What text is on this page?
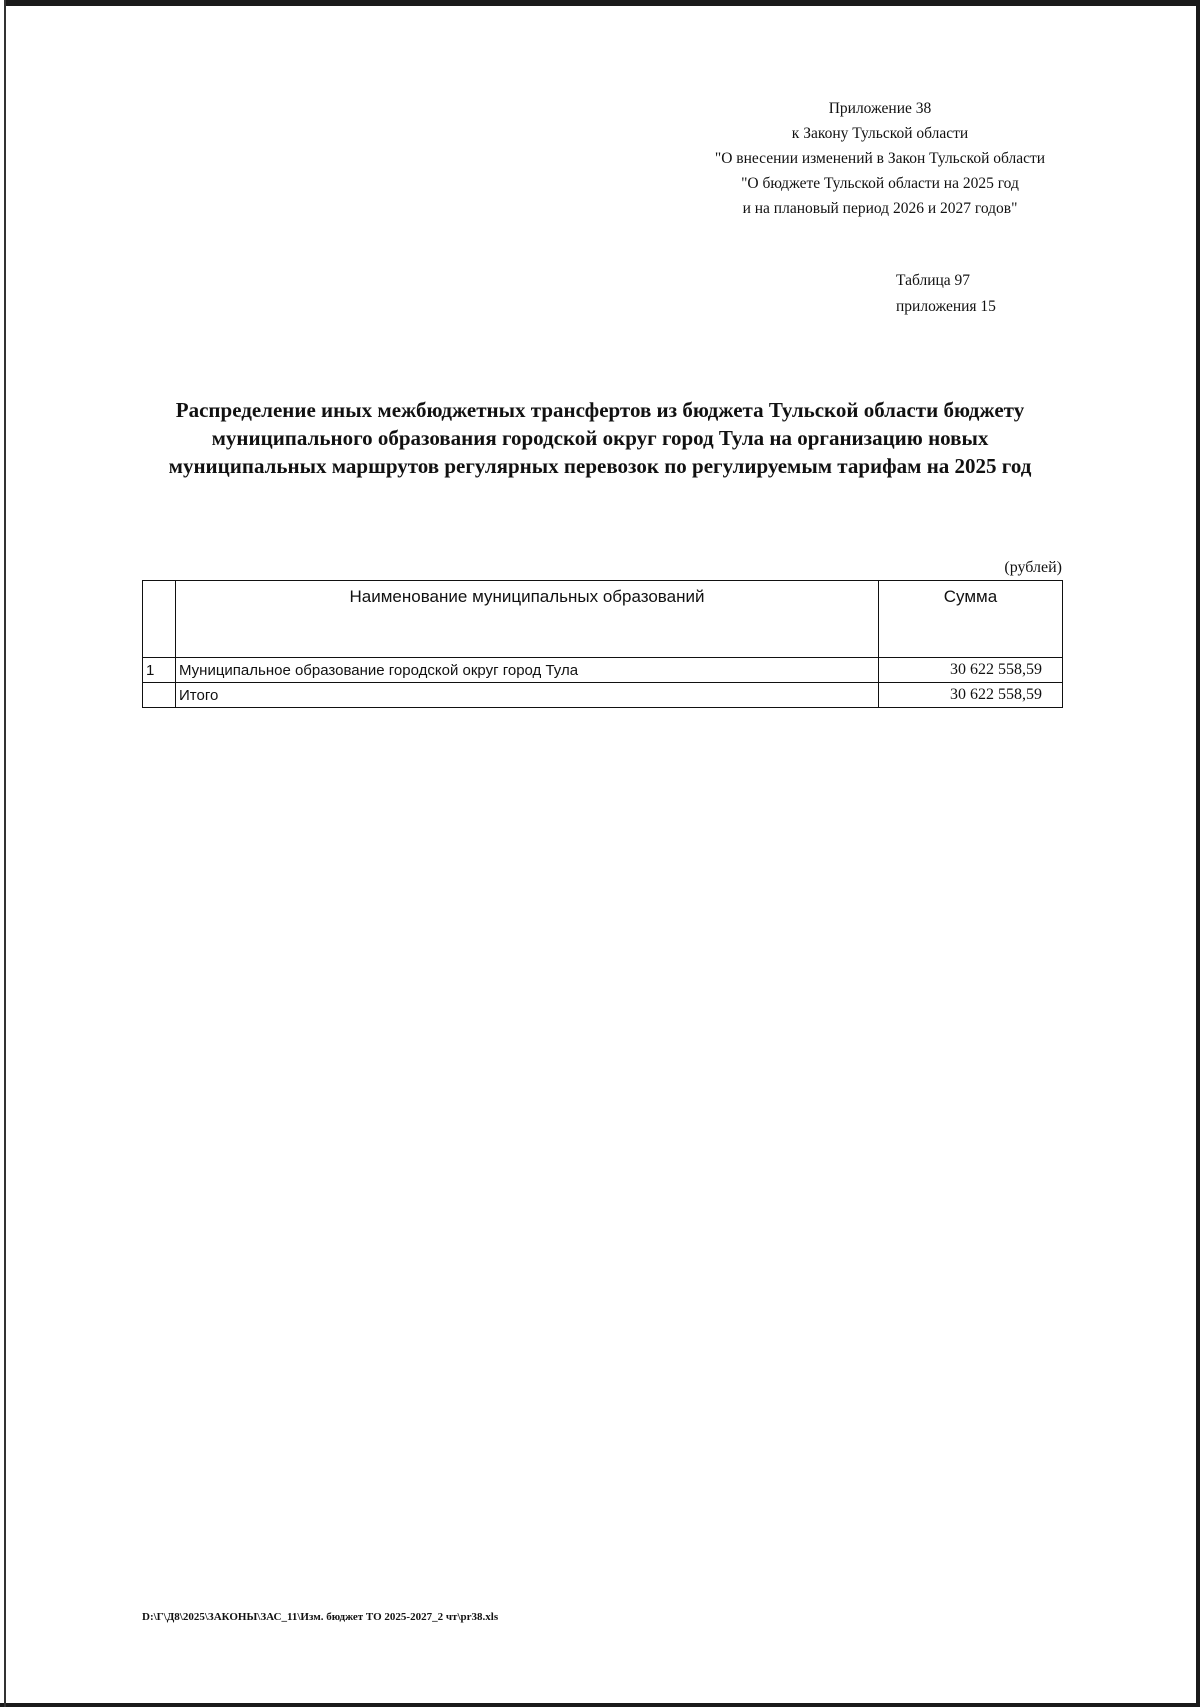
Приложение 38
к Закону Тульской области
"О внесении изменений в Закон Тульской области
"О бюджете Тульской области на 2025 год
и на плановый период 2026 и 2027 годов"
Таблица 97
приложения 15
Распределение иных межбюджетных трансфертов из бюджета Тульской области бюджету
муниципального образования городской округ город Тула на организацию новых
муниципальных маршрутов регулярных перевозок по регулируемым тарифам на 2025 год
(рублей)
	Наименование муниципальных образований	Сумма
1	Муниципальное образование городской округ город Тула	30 622 558,59
	Итого	30 622 558,59
D:\Г\Д8\2025\ЗАКОНЫ\ЗАС_11\Изм. бюджет ТО 2025-2027_2 чт\pr38.xls
